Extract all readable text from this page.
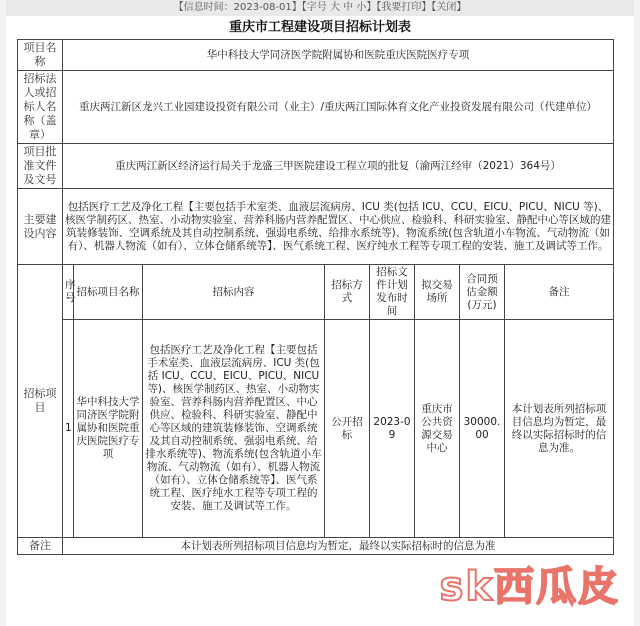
【信息时间：2023-08-01】【字号 大 中 小】【我要打印】【关闭】
重庆市工程建设项目招标计划表
项目名称	华中科技大学同济医学院附属协和医院重庆医院医疗专项							
招标法人或招标人名称（盖章）	重庆两江新区龙兴工业园建设投资有限公司（业主）/重庆两江国际体育文化产业投资发展有限公司（代建单位）							
项目批准文件及文号	重庆两江新区经济运行局关于龙盛三甲医院建设工程立项的批复（渝两江经审（2021）364号）							
主要建设内容	包括医疗工艺及净化工程【主要包括手术室类、血液层流病房、ICU 类(包括 ICU、CCU、EICU、PICU、NICU 等)、核医学制药区、热室、小动物实验室、营养科肠内营养配置区、中心供应、检验科、科研实验室、静配中心等区域的建筑装修装饰、空调系统及其自动控制系统、强弱电系统、给排水系统等)、物流系统(包含轨道小车物流、气动物流（如有）、机器人物流（如有）、立体仓储系统等】、医气系统工程、医疗纯水工程等专项工程的安装、施工及调试等工作。							
招标项目	序号	招标项目名称	招标内容	招标方式	招标文件计划发布时间	拟交易场所	合同预估金额(万元)	备注
	1	华中科技大学同济医学院附属协和医院重庆医院医疗专项	包括医疗工艺及净化工程【主要包括手术室类、血液层流病房、ICU 类(包括 ICU、CCU、EICU、PICU、NICU 等)、核医学制药区、热室、小动物实验室、营养科肠内营养配置区、中心供应、检验科、科研实验室、静配中心等区域的建筑装修装饰、空调系统及其自动控制系统、强弱电系统、给排水系统等)、物流系统(包含轨道小车物流、气动物流（如有）、机器人物流（如有）、立体仓储系统等】、医气系统工程、医疗纯水工程等专项工程的安装、施工及调试等工作。	公开招标	2023-09	重庆市公共资源交易中心	30000.00	本计划表所列招标项目信息均为暂定，最终以实际招标时的信息为准。
备注	本计划表所列招标项目信息均为暂定，最终以实际招标时的信息为准							
sk西瓜皮
